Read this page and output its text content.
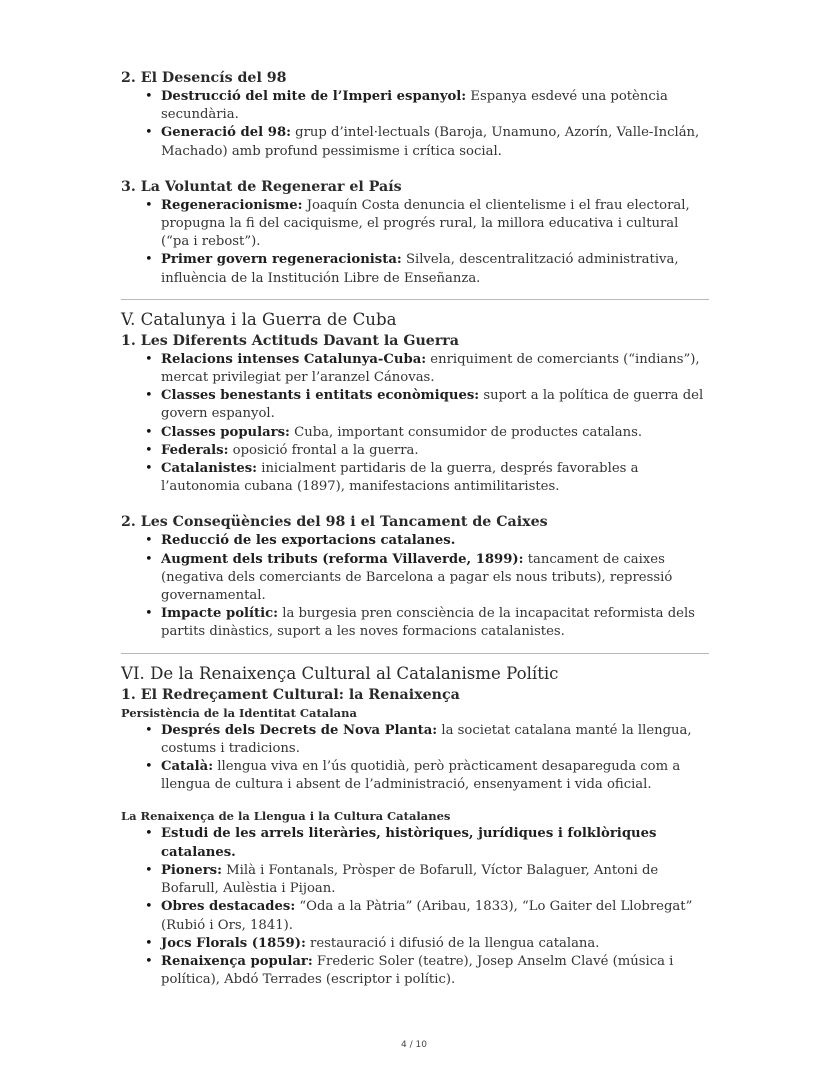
2. El Desencís del 98
• Destrucció del mite de l’Imperi espanyol: Espanya esdevé una potència secundària.
• Generació del 98: grup d’intel·lectuals (Baroja, Unamuno, Azorín, Valle-Inclán, Machado) amb profund pessimisme i crítica social.
3. La Voluntat de Regenerar el País
• Regeneracionisme: Joaquín Costa denuncia el clientelisme i el frau electoral, propugna la fi del caciquisme, el progrés rural, la millora educativa i cultural (“pa i rebost”).
• Primer govern regeneracionista: Silvela, descentralització administrativa, influència de la Institución Libre de Enseñanza.
V. Catalunya i la Guerra de Cuba
1. Les Diferents Actituds Davant la Guerra
• Relacions intenses Catalunya-Cuba: enriquiment de comerciants (“indians”), mercat privilegiat per l’aranzel Cánovas.
• Classes benestants i entitats econòmiques: suport a la política de guerra del govern espanyol.
• Classes populars: Cuba, important consumidor de productes catalans.
• Federals: oposició frontal a la guerra.
• Catalanistes: inicialment partidaris de la guerra, després favorables a l’autonomia cubana (1897), manifestacions antimilitaristes.
2. Les Conseqüències del 98 i el Tancament de Caixes
• Reducció de les exportacions catalanes.
• Augment dels tributs (reforma Villaverde, 1899): tancament de caixes (negativa dels comerciants de Barcelona a pagar els nous tributs), repressió governamental.
• Impacte polític: la burgesia pren consciència de la incapacitat reformista dels partits dinàstics, suport a les noves formacions catalanistes.
VI. De la Renaixença Cultural al Catalanisme Polític
1. El Redreçament Cultural: la Renaixença
Persistència de la Identitat Catalana
• Després dels Decrets de Nova Planta: la societat catalana manté la llengua, costums i tradicions.
• Català: llengua viva en l’ús quotidià, però pràcticament desapareguda com a llengua de cultura i absent de l’administració, ensenyament i vida oficial.
La Renaixença de la Llengua i la Cultura Catalanes
• Estudi de les arrels literàries, històriques, jurídiques i folklòriques catalanes.
• Pioners: Milà i Fontanals, Pròsper de Bofarull, Víctor Balaguer, Antoni de Bofarull, Aulèstia i Pijoan.
• Obres destacades: “Oda a la Pàtria” (Aribau, 1833), “Lo Gaiter del Llobregat” (Rubió i Ors, 1841).
• Jocs Florals (1859): restauració i difusió de la llengua catalana.
• Renaixença popular: Frederic Soler (teatre), Josep Anselm Clavé (música i política), Abdó Terrades (escriptor i polític).
4 / 10
